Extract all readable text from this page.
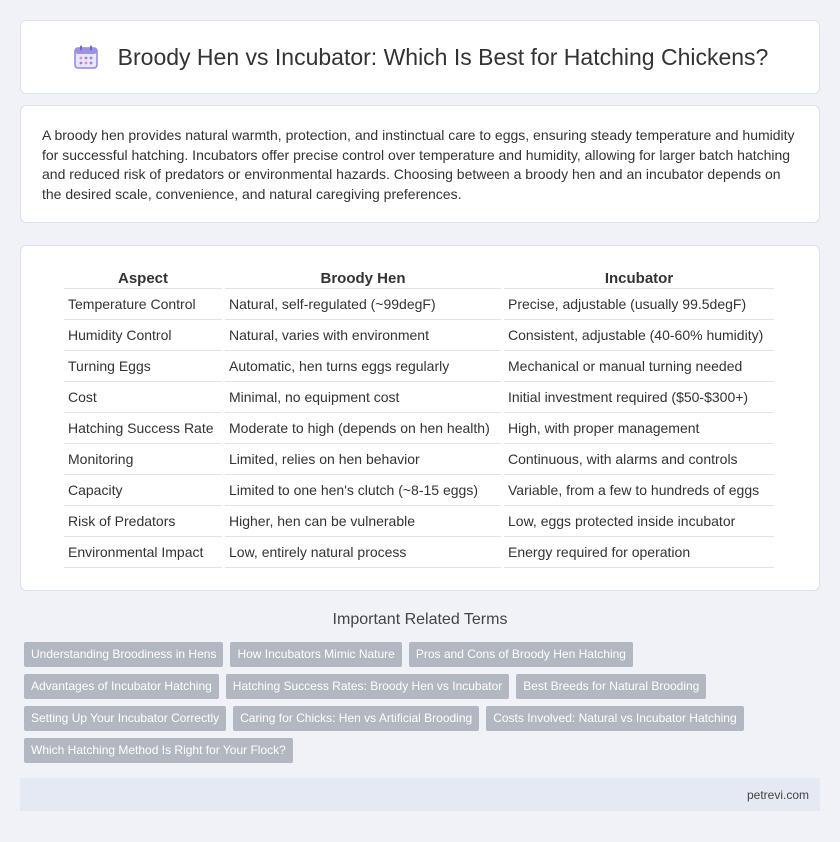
Broody Hen vs Incubator: Which Is Best for Hatching Chickens?

A broody hen provides natural warmth, protection, and instinctual care to eggs, ensuring steady temperature and humidity for successful hatching. Incubators offer precise control over temperature and humidity, allowing for larger batch hatching and reduced risk of predators or environmental hazards. Choosing between a broody hen and an incubator depends on the desired scale, convenience, and natural caregiving preferences.

Aspect	Broody Hen	Incubator
Temperature Control	Natural, self-regulated (~99degF)	Precise, adjustable (usually 99.5degF)
Humidity Control	Natural, varies with environment	Consistent, adjustable (40-60% humidity)
Turning Eggs	Automatic, hen turns eggs regularly	Mechanical or manual turning needed
Cost	Minimal, no equipment cost	Initial investment required ($50-$300+)
Hatching Success Rate	Moderate to high (depends on hen health)	High, with proper management
Monitoring	Limited, relies on hen behavior	Continuous, with alarms and controls
Capacity	Limited to one hen's clutch (~8-15 eggs)	Variable, from a few to hundreds of eggs
Risk of Predators	Higher, hen can be vulnerable	Low, eggs protected inside incubator
Environmental Impact	Low, entirely natural process	Energy required for operation
Important Related Terms
Understanding Broodiness in Hens	How Incubators Mimic Nature	Pros and Cons of Broody Hen Hatching
Advantages of Incubator Hatching	Hatching Success Rates: Broody Hen vs Incubator	Best Breeds for Natural Brooding
Setting Up Your Incubator Correctly	Caring for Chicks: Hen vs Artificial Brooding	Costs Involved: Natural vs Incubator Hatching
Which Hatching Method Is Right for Your Flock?
petrevi.com
